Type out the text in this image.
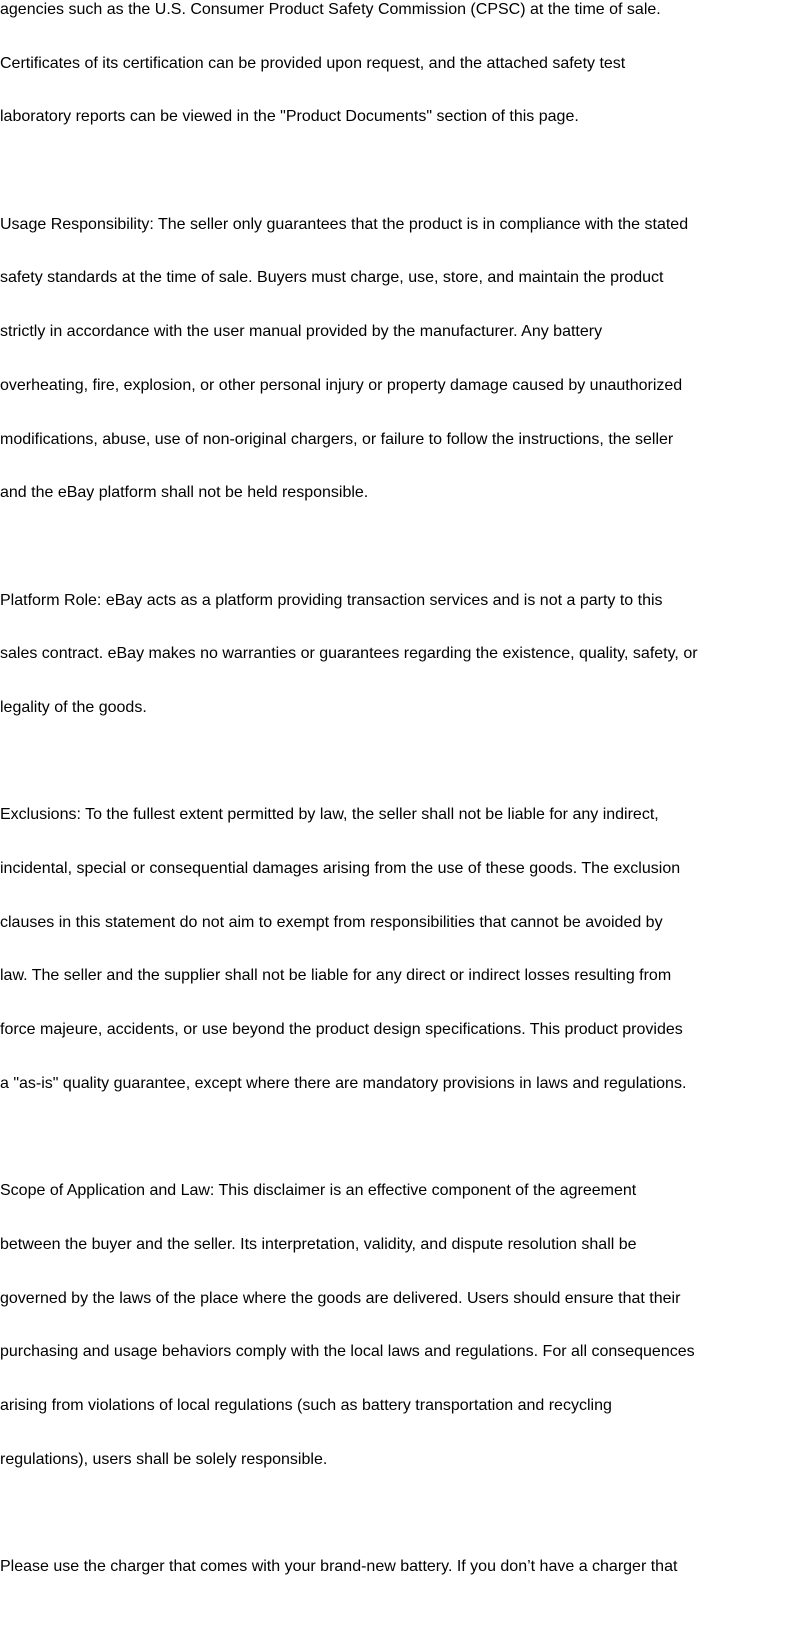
agencies such as the U.S. Consumer Product Safety Commission (CPSC) at the time of sale.
Certificates of its certification can be provided upon request, and the attached safety test
laboratory reports can be viewed in the "Product Documents" section of this page.
Usage Responsibility: The seller only guarantees that the product is in compliance with the stated
safety standards at the time of sale. Buyers must charge, use, store, and maintain the product
strictly in accordance with the user manual provided by the manufacturer. Any battery
overheating, fire, explosion, or other personal injury or property damage caused by unauthorized
modifications, abuse, use of non-original chargers, or failure to follow the instructions, the seller
and the eBay platform shall not be held responsible.
Platform Role: eBay acts as a platform providing transaction services and is not a party to this
sales contract. eBay makes no warranties or guarantees regarding the existence, quality, safety, or
legality of the goods.
Exclusions: To the fullest extent permitted by law, the seller shall not be liable for any indirect,
incidental, special or consequential damages arising from the use of these goods. The exclusion
clauses in this statement do not aim to exempt from responsibilities that cannot be avoided by
law. The seller and the supplier shall not be liable for any direct or indirect losses resulting from
force majeure, accidents, or use beyond the product design specifications. This product provides
a "as-is" quality guarantee, except where there are mandatory provisions in laws and regulations.
Scope of Application and Law: This disclaimer is an effective component of the agreement
between the buyer and the seller. Its interpretation, validity, and dispute resolution shall be
governed by the laws of the place where the goods are delivered. Users should ensure that their
purchasing and usage behaviors comply with the local laws and regulations. For all consequences
arising from violations of local regulations (such as battery transportation and recycling
regulations), users shall be solely responsible.
Please use the charger that comes with your brand-new battery. If you don’t have a charger that
